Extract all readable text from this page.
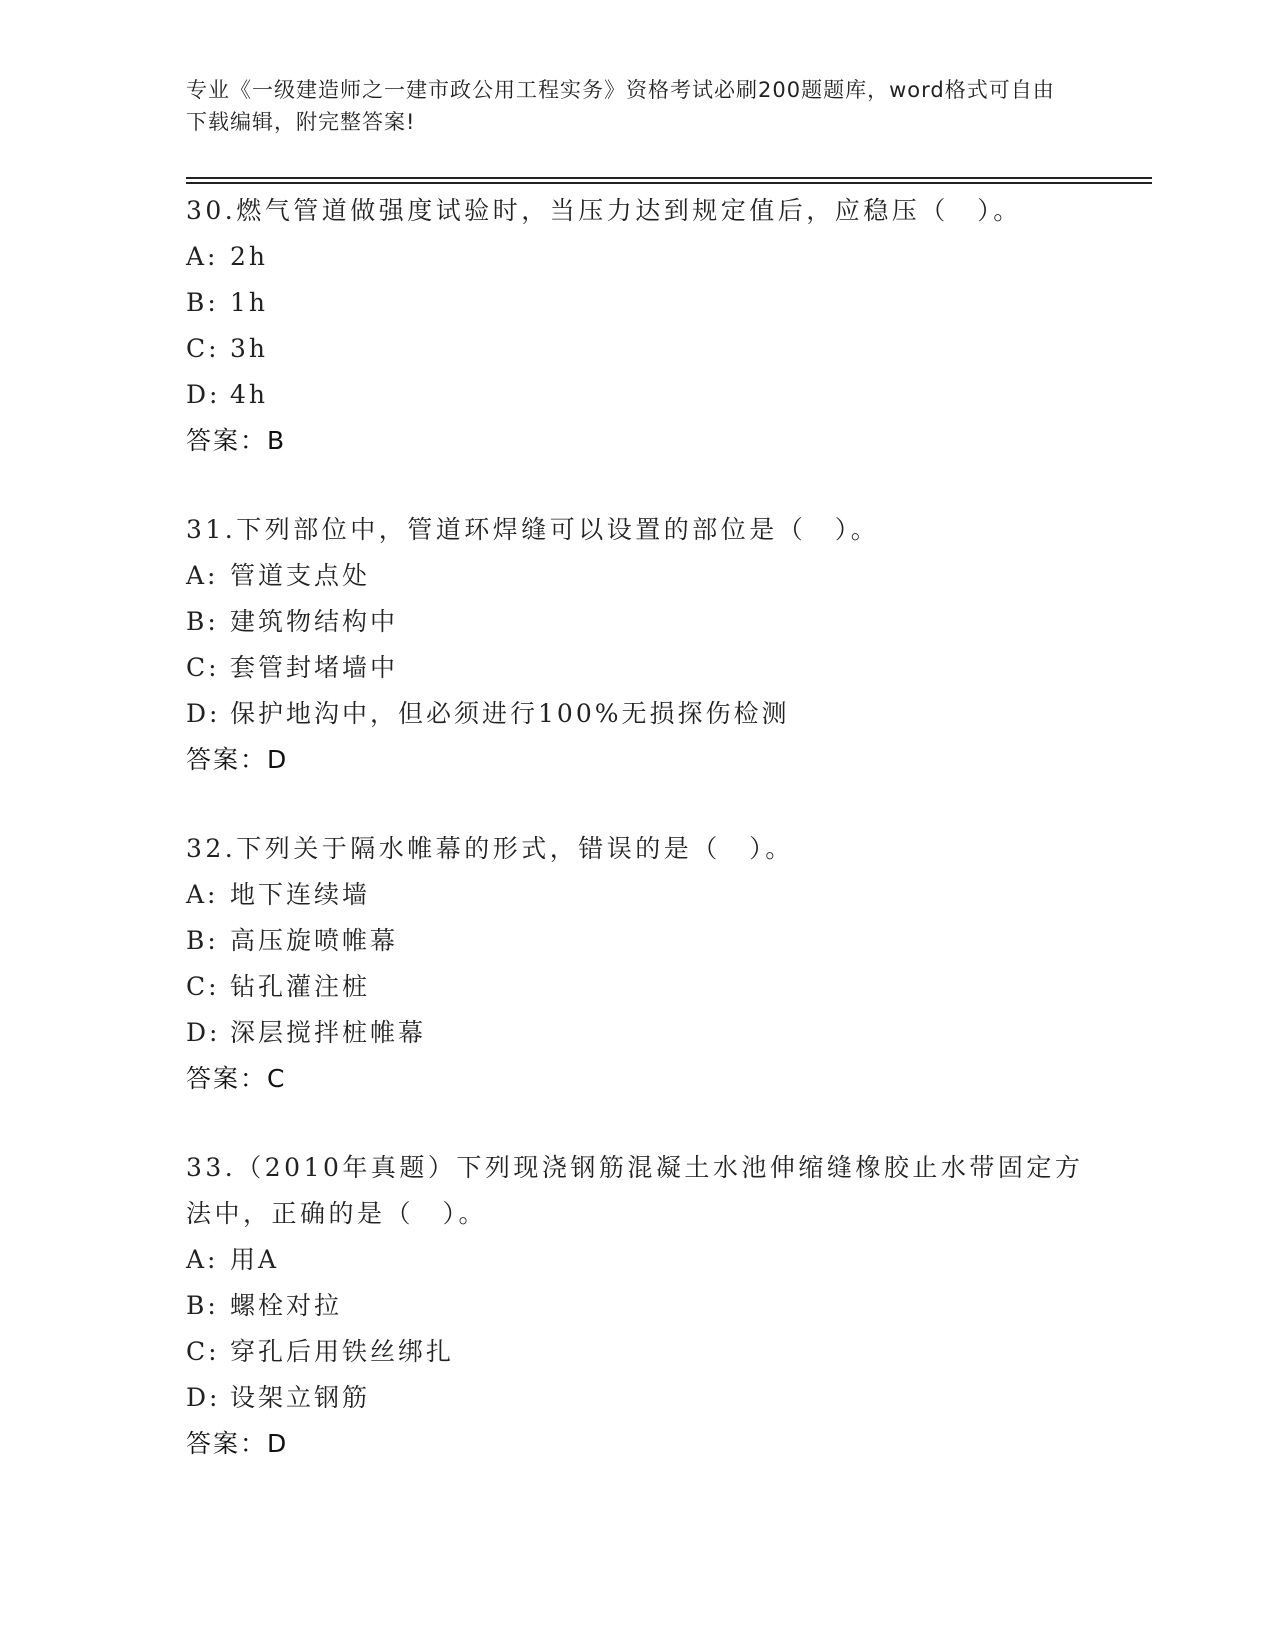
专业《一级建造师之一建市政公用工程实务》资格考试必刷200题题库，word格式可自由下载编辑，附完整答案!

30.燃气管道做强度试验时，当压力达到规定值后，应稳压（　）。

A: 2h

B: 1h

C: 3h

D: 4h

答案：B

31.下列部位中，管道环焊缝可以设置的部位是（　）。

A: 管道支点处

B: 建筑物结构中

C: 套管封堵墙中

D: 保护地沟中，但必须进行100%无损探伤检测

答案：D

32.下列关于隔水帷幕的形式，错误的是（　）。

A: 地下连续墙

B: 高压旋喷帷幕

C: 钻孔灌注桩

D: 深层搅拌桩帷幕

答案：C

33.（2010年真题）下列现浇钢筋混凝土水池伸缩缝橡胶止水带固定方法中，正确的是（　）。

A: 用A

B: 螺栓对拉

C: 穿孔后用铁丝绑扎

D: 设架立钢筋

答案：D
